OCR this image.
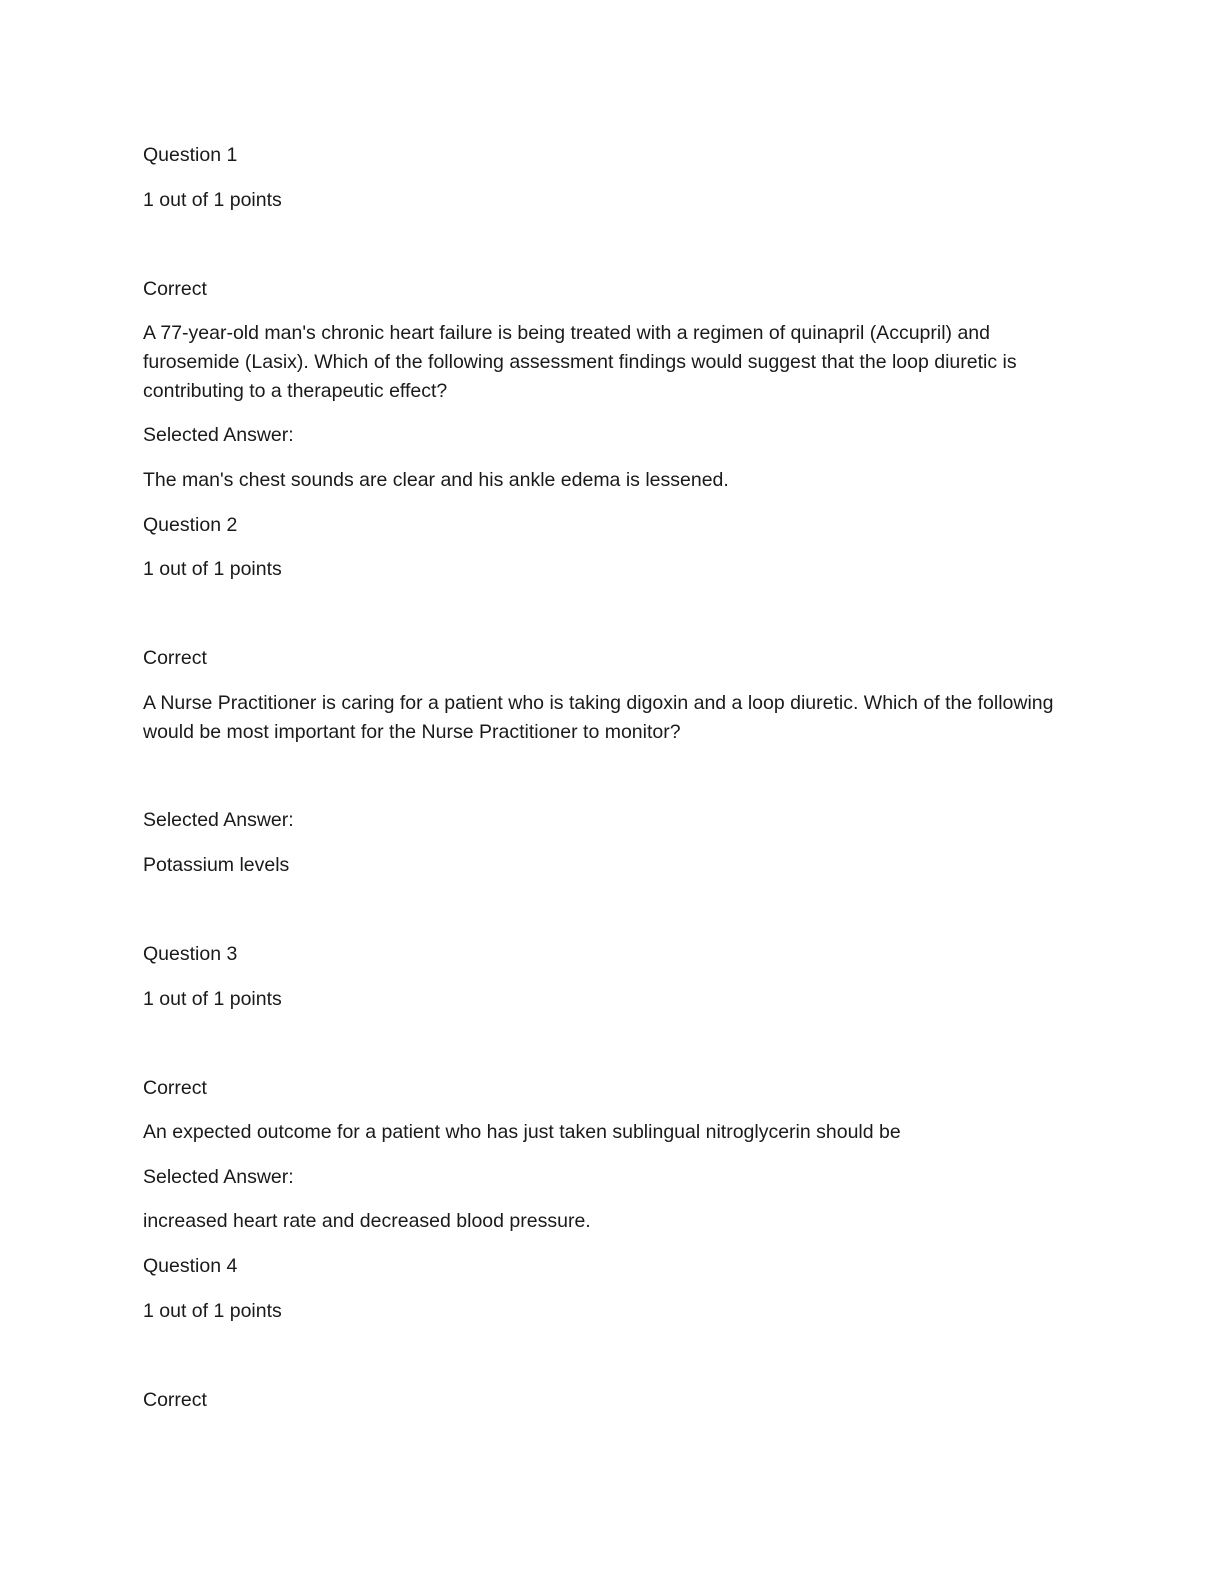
Question 1

1 out of 1 points

Correct

A 77-year-old man's chronic heart failure is being treated with a regimen of quinapril (Accupril) and furosemide (Lasix). Which of the following assessment findings would suggest that the loop diuretic is contributing to a therapeutic effect?

Selected Answer:

The man's chest sounds are clear and his ankle edema is lessened.

Question 2

1 out of 1 points

Correct

A Nurse Practitioner is caring for a patient who is taking digoxin and a loop diuretic. Which of the following would be most important for the Nurse Practitioner to monitor?

Selected Answer:

Potassium levels

Question 3

1 out of 1 points

Correct

An expected outcome for a patient who has just taken sublingual nitroglycerin should be

Selected Answer:

increased heart rate and decreased blood pressure.

Question 4

1 out of 1 points

Correct
